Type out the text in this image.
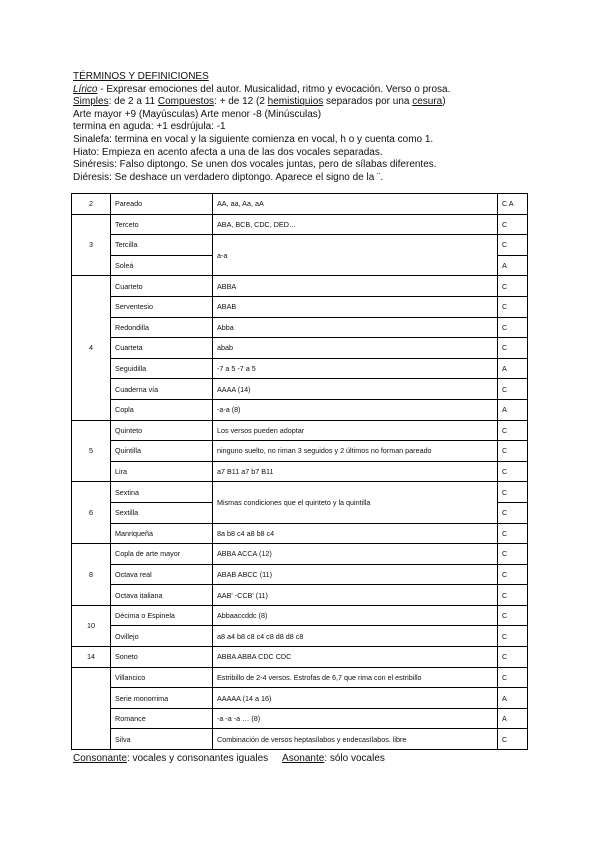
TÉRMINOS Y DEFINICIONES
Lírico - Expresar emociones del autor. Musicalidad, ritmo y evocación. Verso o prosa.
Simples: de 2 a 11 Compuestos: + de 12 (2 hemistiquios separados por una cesura)
Arte mayor +9 (Mayúsculas) Arte menor -8 (Minúsculas)
termina en aguda: +1 esdrújula: -1
Sinalefa: termina en vocal y la siguiente comienza en vocal, h o y cuenta como 1.
Hiato: Empieza en acento afecta a una de las dos vocales separadas.
Sinéresis: Falso diptongo. Se unen dos vocales juntas, pero de sílabas diferentes.
Diéresis: Se deshace un verdadero diptongo. Aparece el signo de la ¨.
2	Pareado	AA, aa, Aa, aA	C A
3	Terceto	ABA, BCB, CDC, DED…	C
	Tercilla	a-a	C
	Soleá		A
4	Cuarteto	ABBA	C
	Serventesio	ABAB	C
	Redondilla	Abba	C
	Cuarteta	abab	C
	Seguidilla	-7 a 5 -7 a 5	A
	Cuaderna vía	AAAA (14)	C
	Copla	-a-a (8)	A
5	Quinteto	Los versos pueden adoptar	C
	Quintilla	ninguno suelto, no riman 3 seguidos y 2 últimos no forman pareado	C
	Lira	a7 B11 a7 b7 B11	C
6	Sextina	Mismas condiciones que el quinteto y la quintilla	C
	Sextilla		C
	Manriqueña	8a b8 c4 a8 b8 c4	C
8	Copla de arte mayor	ABBA ACCA (12)	C
	Octava real	ABAB ABCC (11)	C
	Octava italiana	AAB' -CCB' (11)	C
10	Décima o Espinela	Abbaaccddc (8)	C
	Ovillejo	a8 a4 b8 c8 c4 c8 d8 d8 c8	C
14	Soneto	ABBA ABBA CDC CDC	C
	Villancico	Estribillo de 2-4 versos. Estrofas de 6,7 que rima con el estribillo	C
	Serie monorrima	AAAAA (14 a 16)	A
	Romance	-a -a -a … (8)	A
	Silva	Combinación de versos heptasílabos y endecasílabos. libre	C
Consonante: vocales y consonantes iguales Asonante: sólo vocales
